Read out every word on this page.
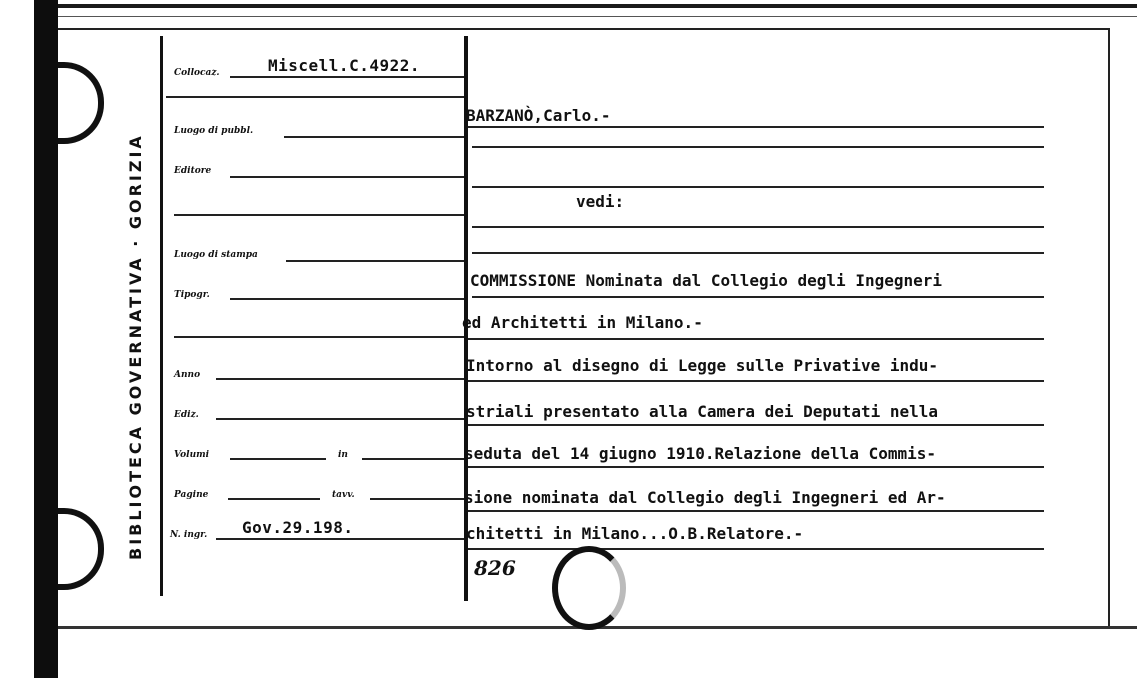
BIBLIOTECA GOVERNATIVA · GORIZIA
Collocaz.	Miscell.C.4922.
Luogo di pubbl.
Editore
Luogo di stampa
Tipogr.
Anno
Ediz.
Volumi	in
Pagine	tavv.
N. ingr. Gov.29.198.
BARZANÒ,Carlo.-
vedi:
COMMISSIONE Nominata dal Collegio degli Ingegneri
ed Architetti in Milano.-
Intorno al disegno di Legge sulle Privative indu-
striali presentato alla Camera dei Deputati nella
seduta del 14 giugno 1910.Relazione della Commis-
sione nominata dal Collegio degli Ingegneri ed Ar-
chitetti in Milano...O.B.Relatore.-
826
